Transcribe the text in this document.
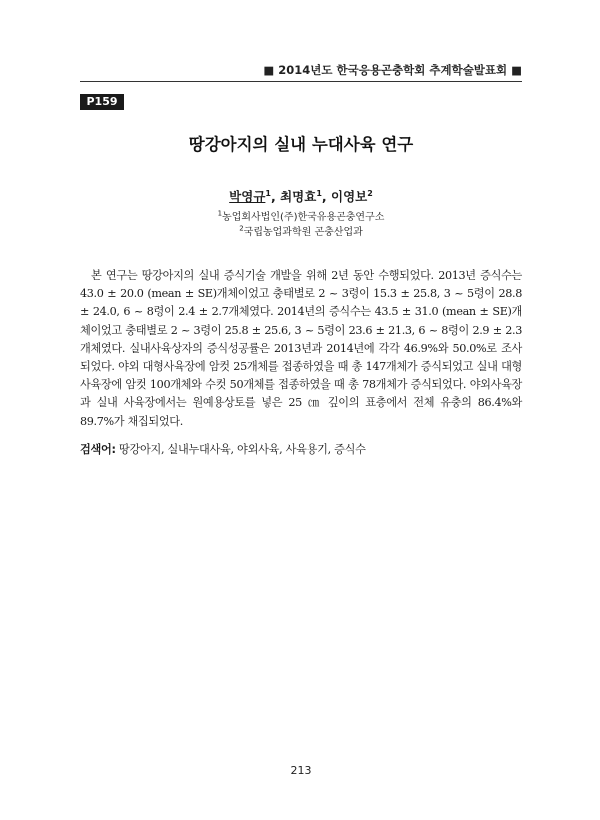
■ 2014년도 한국응용곤충학회 추계학술발표회 ■
P159
땅강아지의 실내 누대사육 연구
박영규$^1$, 최명효$^1$, 이영보$^2$
$^1$농업회사법인(주)한국유용곤충연구소
$^2$국립농업과학원 곤충산업과
본 연구는 땅강아지의 실내 증식기술 개발을 위해 2년 동안 수행되었다. 2013년 증식수는 43.0 ± 20.0 (mean ± SE)개체이었고 충태별로 2 ~ 3령이 15.3 ± 25.8, 3 ~ 5령이 28.8 ± 24.0, 6 ~ 8령이 2.4 ± 2.7개체였다. 2014년의 증식수는 43.5 ± 31.0 (mean ± SE)개체이었고 충태별로 2 ~ 3령이 25.8 ± 25.6, 3 ~ 5령이 23.6 ± 21.3, 6 ~ 8령이 2.9 ± 2.3개체였다. 실내사육상자의 증식성공률은 2013년과 2014년에 각각 46.9%와 50.0%로 조사되었다. 야외 대형사육장에 암컷 25개체를 접종하였을 때 총 147개체가 증식되었고 실내 대형사육장에 암컷 100개체와 수컷 50개체를 접종하였을 때 총 78개체가 증식되었다. 야외사육장과 실내 사육장에서는 원예용상토를 넣은 25 ㎝ 깊이의 표층에서 전체 유충의 86.4%와 89.7%가 채집되었다.
검색어: 땅강아지, 실내누대사육, 야외사육, 사육용기, 증식수
213
